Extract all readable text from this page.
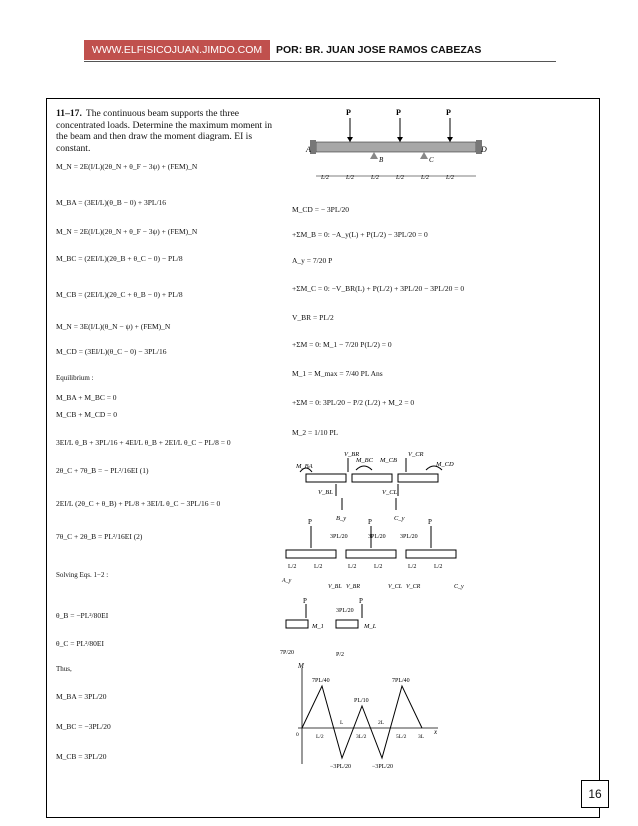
WWW.ELFISICOJUAN.JIMDO.COM	POR: BR. JUAN JOSE RAMOS CABEZAS
11–17. The continuous beam supports the three concentrated loads. Determine the maximum moment in the beam and then draw the moment diagram. EI is constant.
M_N = 2E(I/L)(2θ_N + θ_F − 3ψ) + (FEM)_N
M_BA = (3EI/L)(θ_B − 0) + 3PL/16
M_N = 2E(I/L)(2θ_N + θ_F − 3ψ) + (FEM)_N
M_BC = (2EI/L)(2θ_B + θ_C − 0) − PL/8
M_CB = (2EI/L)(2θ_C + θ_B − 0) + PL/8
M_N = 3E(I/L)(θ_N − ψ) + (FEM)_N
M_CD = (3EI/L)(θ_C − 0) − 3PL/16
Equilibrium :
M_BA + M_BC = 0
M_CB + M_CD = 0
3EI/L θ_B + 3PL/16 + 4EI/L θ_B + 2EI/L θ_C − PL/8 = 0
2θ_C + 7θ_B = − PL²/16EI (1)
2EI/L (2θ_C + θ_B) + PL/8 + 3EI/L θ_C − 3PL/16 = 0
7θ_C + 2θ_B = PL²/16EI (2)
Solving Eqs. 1−2 :
θ_B = −PL²/80EI
θ_C = PL²/80EI
Thus,
M_BA = 3PL/20
M_BC = −3PL/20
M_CB = 3PL/20
M_CD = − 3PL/20
+ΣM_B = 0: −A_y(L) + P(L/2) − 3PL/20 = 0
A_y = 7/20 P
+ΣM_C = 0: −V_BR(L) + P(L/2) + 3PL/20 − 3PL/20 = 0
V_BR = PL/2
+ΣM = 0: M_1 − 7/20 P(L/2) = 0
M_1 = M_max = 7/40 PL Ans
+ΣM = 0: 3PL/20 − P/2 (L/2) + M_2 = 0
M_2 = 1/10 PL
P	P	P
A
B	C
D
L/2	L/2	L/2	L/2	L/2	L/2
M_BA
V_BL
M_BC
V_BR
M_CB
V_CL
V_CR
M_CD
B_y	C_y
P	P	P
3PL/20	3PL/20 3PL/20
L/2	L/2	L/2	L/2	L/2	L/2
A_y
V_BL V_BR	V_CL V_CR	C_y
P	P
M_1	M_L
3PL/20
7P/20	P/2
M
x
7PL/40
PL/10
7PL/40
−3PL/20	−3PL/20
0	L/2
L
3L/2
2L
5L/2 3L
16
